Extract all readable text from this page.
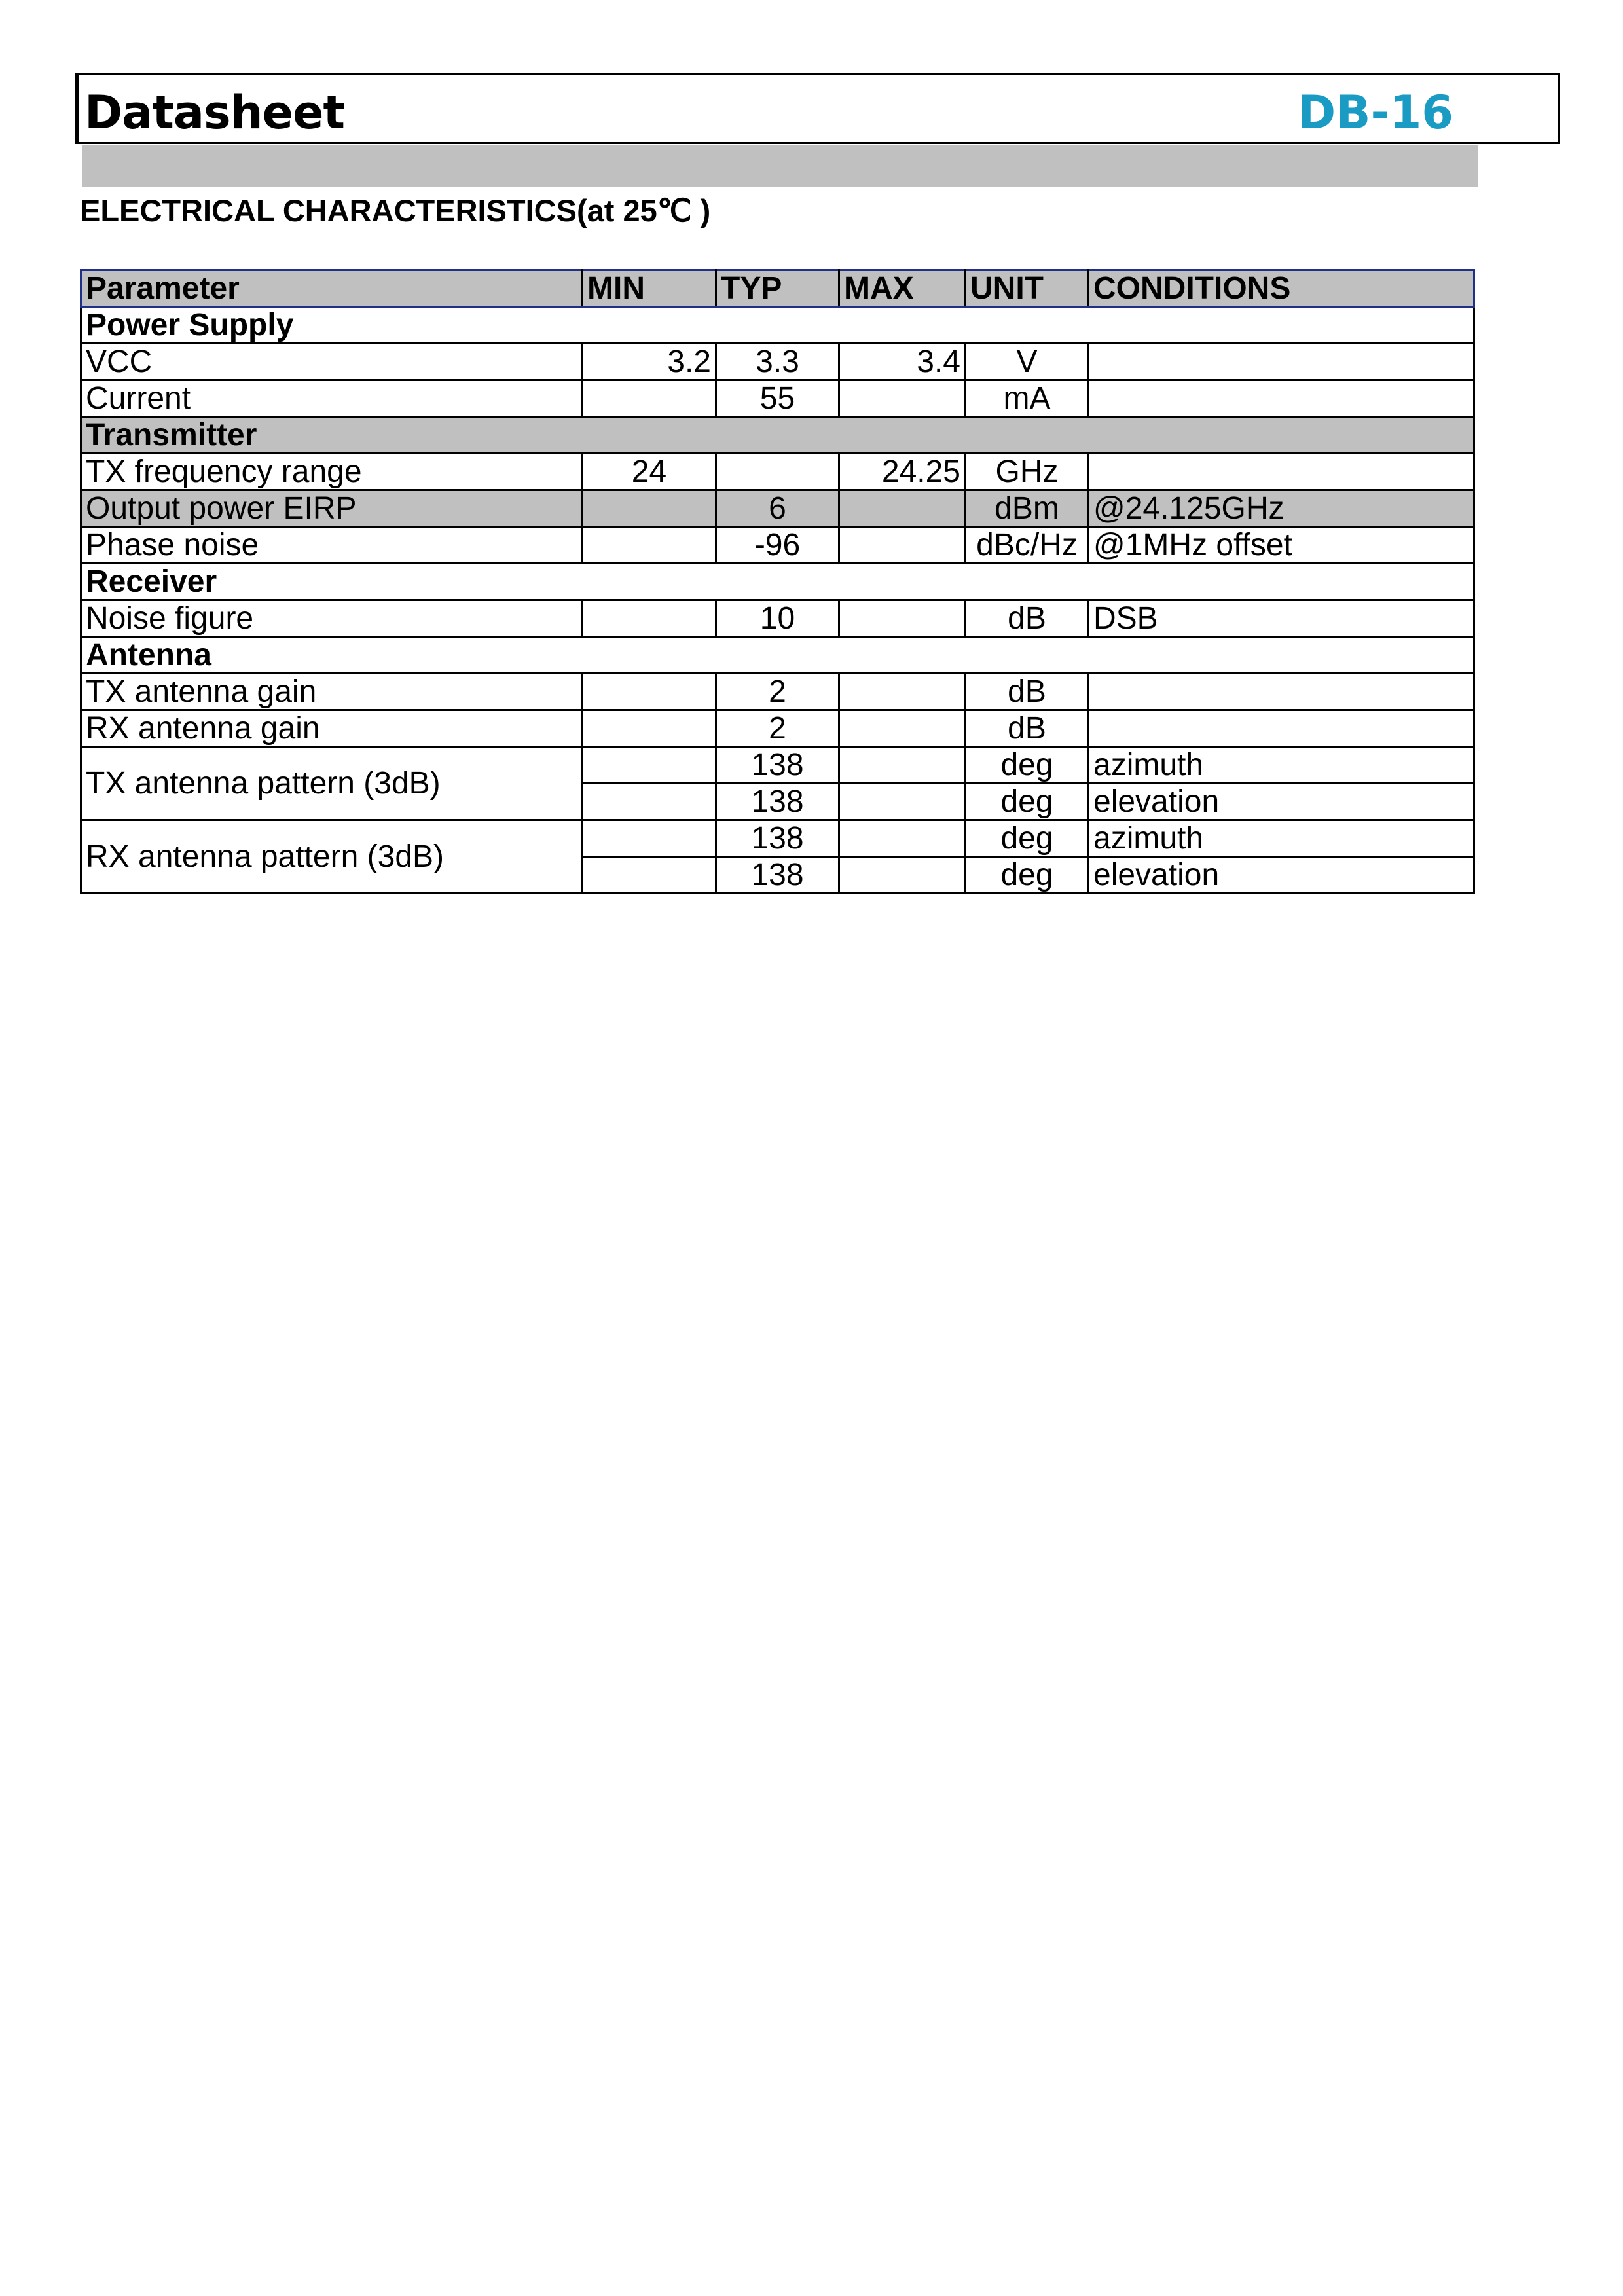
Datasheet	DB-16
ELECTRICAL CHARACTERISTICS(at 25℃ )
Parameter	MIN	TYP	MAX	UNIT	CONDITIONS
Power Supply					
VCC	3.2	3.3	3.4	V	
Current		55		mA	
Transmitter					
TX frequency range	24		24.25	GHz	
Output power EIRP		6		dBm	@24.125GHz
Phase noise		-96		dBc/Hz	@1MHz offset
Receiver					
Noise figure		10		dB	DSB
Antenna					
TX antenna gain		2		dB	
RX antenna gain		2		dB	
TX antenna pattern (3dB)		138		deg	azimuth
		138		deg	elevation
RX antenna pattern (3dB)		138		deg	azimuth
		138		deg	elevation
